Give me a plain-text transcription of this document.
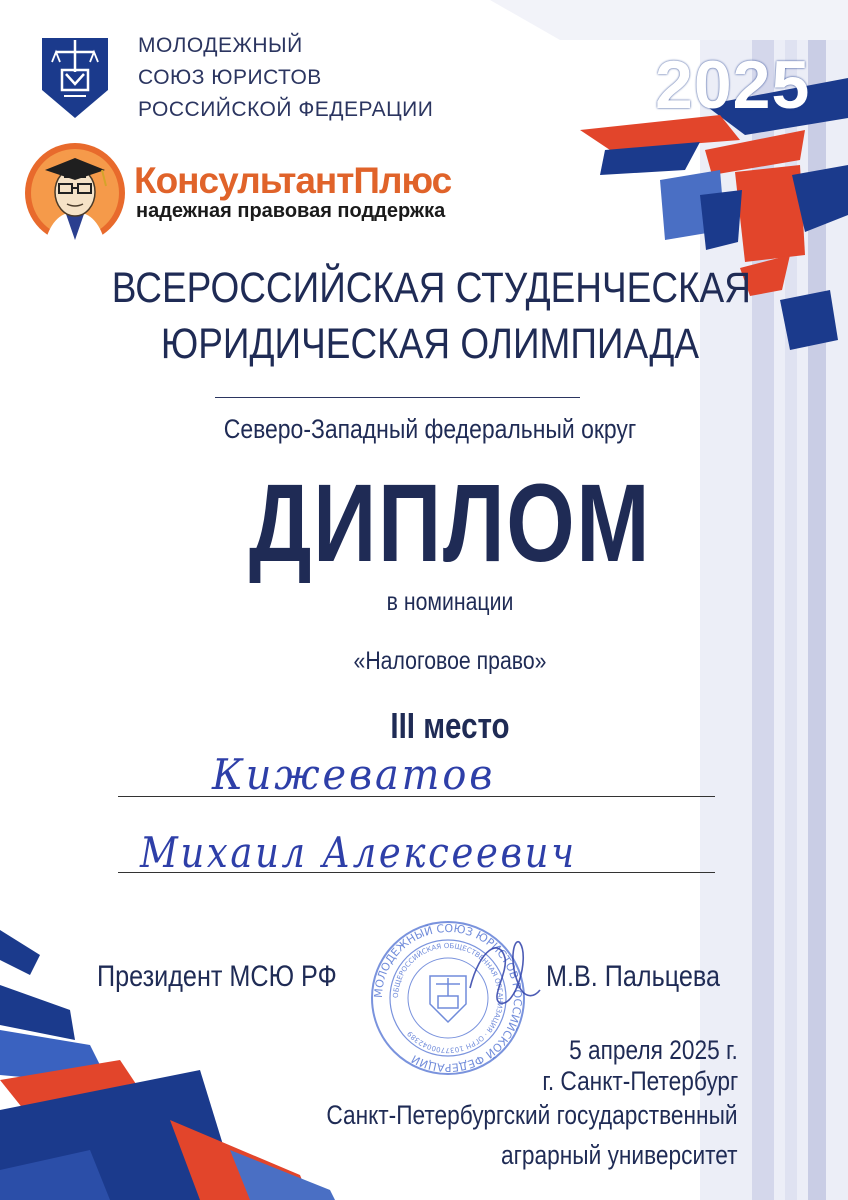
МОЛОДЕЖНЫЙ
СОЮЗ ЮРИСТОВ
РОССИЙСКОЙ ФЕДЕРАЦИИ	2025
КонсультантПлюс
надежная правовая поддержка
ВСЕРОССИЙСКАЯ СТУДЕНЧЕСКАЯ
ЮРИДИЧЕСКАЯ ОЛИМПИАДА
Северо-Западный федеральный округ
ДИПЛОМ
в номинации
«Налоговое право»
III место
Кижеватов
Михаил Алексеевич
Президент МСЮ РФ
МОЛОДЕЖНЫЙ СОЮЗ ЮРИСТОВ РОССИЙСКОЙ ФЕДЕРАЦИИ
ОБЩЕРОССИЙСКАЯ ОБЩЕСТВЕННАЯ ОРГАНИЗАЦИЯ · ОГРН 1037700042389
М.В. Пальцева
5 апреля 2025 г.
г. Санкт-Петербург
Санкт-Петербургский государственный
аграрный университет
